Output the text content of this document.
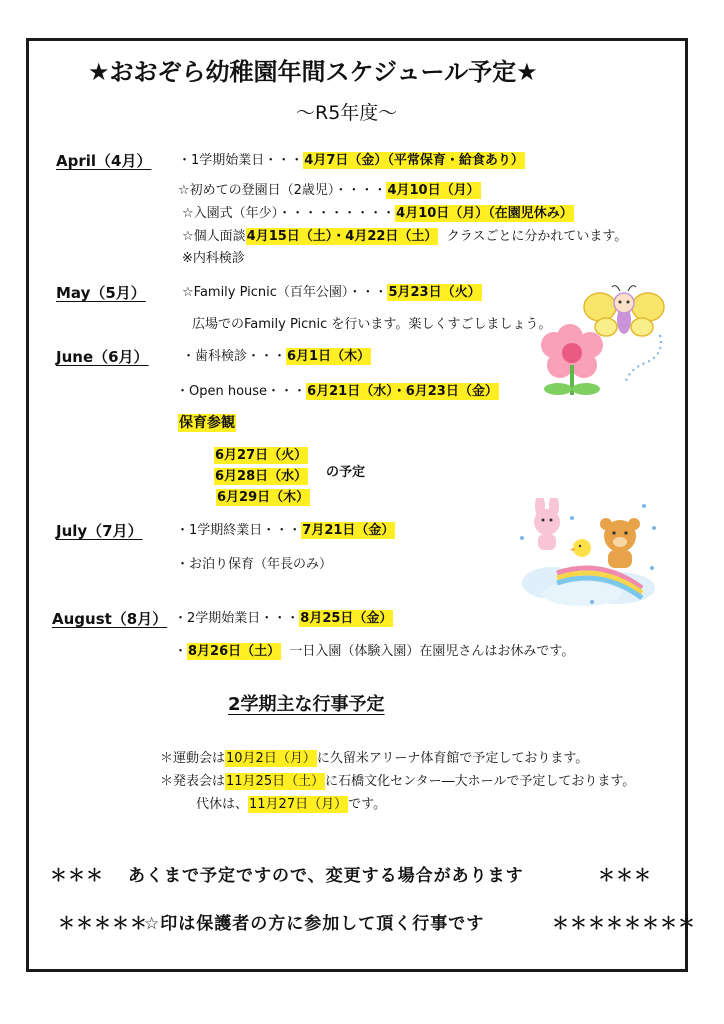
★おおぞら幼稚園年間スケジュール予定★
～R5年度～
April（4月） ・1学期始業日・・・4月7日（金）（平常保育・給食あり）
☆初めての登園日（2歳児）・・・・4月10日（月）
☆入園式（年少）・・・・・・・・・4月10日（月）（在園児休み）
☆個人面談4月15日（土）・4月22日（土） クラスごとに分かれています。
※内科検診
May（5月）	☆Family Picnic（百年公園）・・・5月23日（火）
広場でのFamily Picnic を行います。楽しくすごしましょう。
June（6月）	・歯科検診・・・6月1日（木）
・Open house・・・6月21日（水）・6月23日（金）
保育参観
6月27日（火）
6月28日（水）
6月29日（木）
の予定
July（7月）	・1学期終業日・・・7月21日（金）
・お泊り保育（年長のみ）
August（8月） ・2学期始業日・・・8月25日（金）
・8月26日（土） 一日入園（体験入園）在園児さんはお休みです。
2学期主な行事予定
＊運動会は10月2日（月）に久留米アリーナ体育館で予定しております。
＊発表会は11月25日（土）に石橋文化センター―大ホールで予定しております。
代休は、11月27日（月）です。
＊＊＊ あくまで予定ですので、変更する場合があります	＊＊＊
＊＊＊＊＊
☆印は保護者の方に参加して頂く行事です	＊＊＊＊＊＊＊＊
